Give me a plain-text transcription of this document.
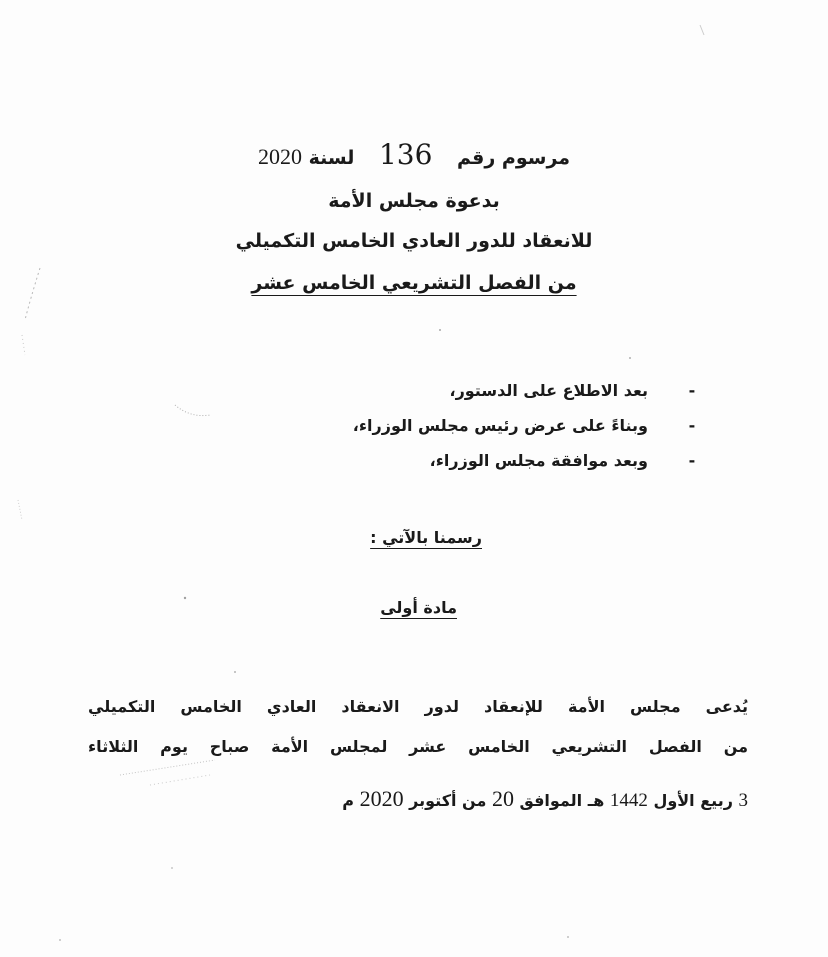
مرسوم رقم 136 لسنة 2020
بدعوة مجلس الأمة
للانعقاد للدور العادي الخامس التكميلي
من الفصل التشريعي الخامس عشر
-
بعد الاطلاع على الدستور،
-
وبناءً على عرض رئيس مجلس الوزراء،
-
وبعد موافقة مجلس الوزراء،
رسمنا بالآتي :
مادة أولى
يُدعى مجلس الأمة للإنعقاد لدور الانعقاد العادي الخامس التكميلي
من الفصل التشريعي الخامس عشر لمجلس الأمة صباح يوم الثلاثاء
3 ربيع الأول 1442 هـ الموافق 20 من أكتوبر 2020 م
